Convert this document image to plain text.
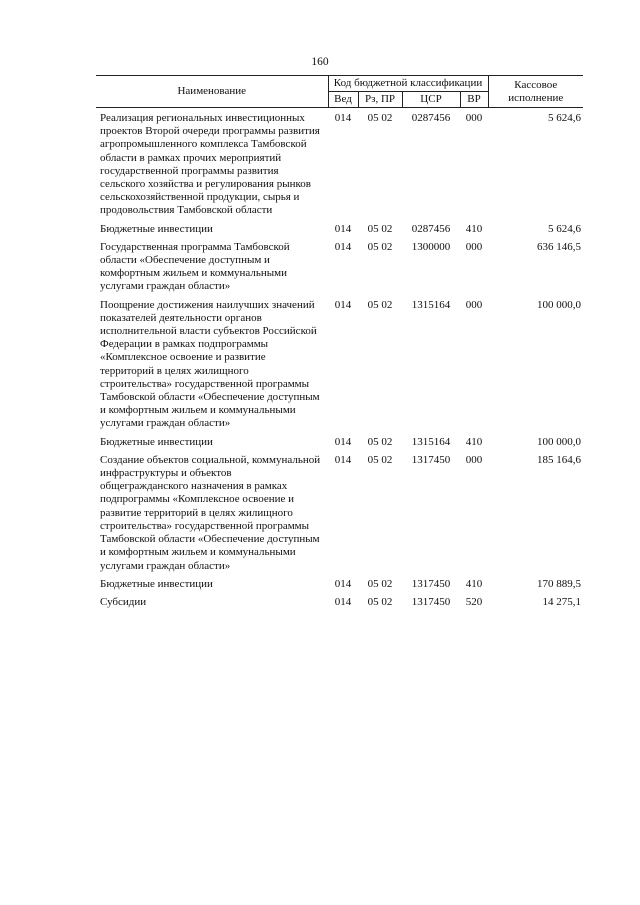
160
Наименование	Код бюджетной классификации				Кассовое исполнение
	Вед	Рз, ПР	ЦСР	ВР	
Реализация региональных инвестиционных проектов Второй очереди программы развития агропромышленного комплекса Тамбовской области в рамках прочих мероприятий государственной программы развития сельского хозяйства и регулирования рынков сельскохозяйственной продукции, сырья и продовольствия Тамбовской области	014	05 02	0287456	000	5 624,6
Бюджетные инвестиции	014	05 02	0287456	410	5 624,6
Государственная программа Тамбовской области «Обеспечение доступным и комфортным жильем и коммунальными услугами граждан области»	014	05 02	1300000	000	636 146,5
Поощрение достижения наилучших значений показателей деятельности органов исполнительной власти субъектов Российской Федерации в рамках подпрограммы «Комплексное освоение и развитие территорий в целях жилищного строительства» государственной программы Тамбовской области «Обеспечение доступным и комфортным жильем и коммунальными услугами граждан области»	014	05 02	1315164	000	100 000,0
Бюджетные инвестиции	014	05 02	1315164	410	100 000,0
Создание объектов социальной, коммунальной инфраструктуры и объектов общегражданского назначения в рамках подпрограммы «Комплексное освоение и развитие территорий в целях жилищного строительства» государственной программы Тамбовской области «Обеспечение доступным и комфортным жильем и коммунальными услугами граждан области»	014	05 02	1317450	000	185 164,6
Бюджетные инвестиции	014	05 02	1317450	410	170 889,5
Субсидии	014	05 02	1317450	520	14 275,1
